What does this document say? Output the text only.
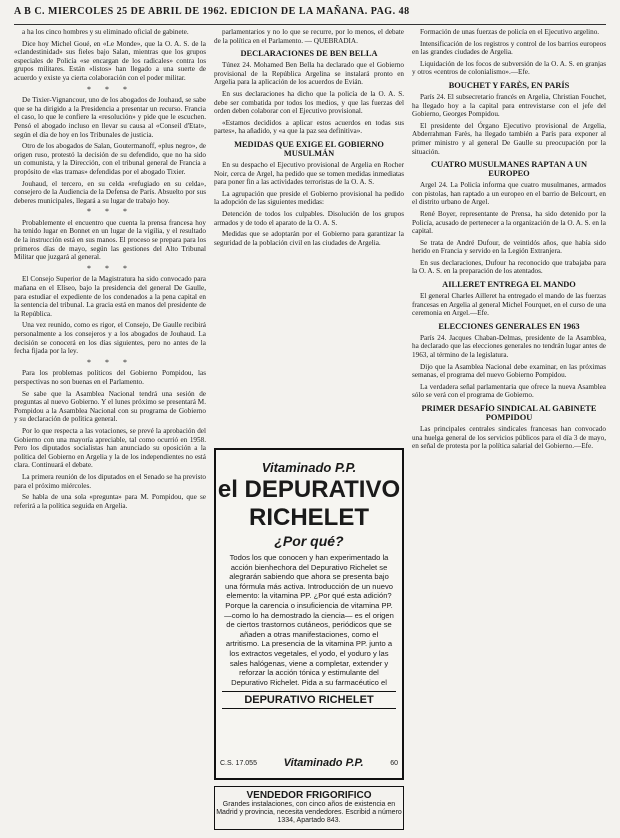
A B C. MIERCOLES 25 DE ABRIL DE 1962. EDICION DE LA MAÑANA. PAG. 48

a ha los cinco hombres y su eliminado oficial de gabinete.

Dice hoy Michel Goué, en «Le Monde», que la O. A. S. de la «clandestinidad» sus fieles bajo Salan, mientras que los grupos especiales de Policía «se encargan de los radicales» contra los grupos militares. Están «listos» han llegado a una suerte de acuerdo y existe ya cierta colaboración con el poder militar.

* * *

De Tixier-Vignancour, uno de los abogados de Jouhaud, se sabe que se ha dirigido a la Presidencia a presentar un recurso. Francia el caso, lo que le confiere la «resolución» y pide que le escuchen. Pensó el abogado incluso en llevar su causa al «Conseil d'Etat», según el día de hoy en los Tribunales de justicia.

Otro de los abogados de Salan, Goutermanoff, «plus negro», de origen ruso, protestó la decisión de su defendido, que no ha sido un comunista, y la Dirección, con el tribunal general de Francia a propósito de «las tramas» defendidas por el abogado Tixier.

Jouhaud, el tercero, en su celda «refugiado en su celda», consejero de la Audiencia de la Defensa de París. Absuelto por sus deberes municipales, llegará a su lugar de trabajo hoy.

* * *

Probablemente el encuentro que cuenta la prensa francesa hoy ha tenido lugar en Bonnet en un lugar de la vigilia, y el resultado de la instrucción está en sus manos. El proceso se prepara para los primeros días de mayo, según las gestiones del Alto Tribunal Militar que juzgará al general.

* * *

El Consejo Superior de la Magistratura ha sido convocado para mañana en el Elíseo, bajo la presidencia del general De Gaulle, para estudiar el expediente de los condenados a la pena capital en la sentencia del tribunal. La gracia está en manos del presidente de la República.

Una vez reunido, como es rigor, el Consejo, De Gaulle recibirá personalmente a los consejeros y a los abogados de Jouhaud. La decisión se conocerá en los días siguientes, pero no antes de la fecha fijada por la ley.

* * *

Para los problemas políticos del Gobierno Pompidou, las perspectivas no son buenas en el Parlamento.

Se sabe que la Asamblea Nacional tendrá una sesión de preguntas al nuevo Gobierno. Y el lunes próximo se presentará M. Pompidou a la Asamblea Nacional con su programa de Gobierno y su declaración de política general.

Por lo que respecta a las votaciones, se prevé la aprobación del Gobierno con una mayoría apreciable, tal como ocurrió en 1958. Pero los diputados socialistas han anunciado su oposición a la política del Gobierno en Argelia y la de los independientes no está clara. Continuará el debate.

La primera reunión de los diputados en el Senado se ha previsto para el próximo miércoles.

Se habla de una sola «pregunta» para M. Pompidou, que se referirá a la política seguida en Argelia.

parlamentarios y no lo que se recurre, por lo menos, el debate de la política en el Parlamento. — QUEBRADIA.

DECLARACIONES DE BEN BELLA

Túnez 24. Mohamed Ben Bella ha declarado que el Gobierno provisional de la República Argelina se instalará pronto en Argelia para la aplicación de los acuerdos de Evián.

En sus declaraciones ha dicho que la policía de la O. A. S. debe ser combatida por todos los medios, y que las fuerzas del orden deben colaborar con el Ejecutivo provisional.

«Estamos decididos a aplicar estos acuerdos en todas sus partes», ha añadido, y «a que la paz sea definitiva».

MEDIDAS QUE EXIGE EL GOBIERNO MUSULMÁN

En su despacho el Ejecutivo provisional de Argelia en Rocher Noir, cerca de Argel, ha pedido que se tomen medidas inmediatas para poner fin a las actividades terroristas de la O. A. S.

La agrupación que preside el Gobierno provisional ha pedido la adopción de las siguientes medidas:

Detención de todos los culpables. Disolución de los grupos armados y de todo el aparato de la O. A. S.

Medidas que se adoptarán por el Gobierno para garantizar la seguridad de la población civil en las ciudades de Argelia.

Vitaminado P.P.
el DEPURATIVO
RICHELET
¿Por qué?
Todos los que conocen y han experimentado la acción bienhechora del Depurativo Richelet se alegrarán sabiendo que ahora se presenta bajo una fórmula más activa. Introducción de un nuevo elemento: la vitamina PP. ¿Por qué esta adición? Porque la carencia o insuficiencia de vitamina PP. —como lo ha demostrado la ciencia— es el origen de ciertos trastornos cutáneos, periódicos que se añaden a otras manifestaciones, como el artritismo. La presencia de la vitamina PP. junto a los extractos vegetales, el yodo, el yoduro y las sales halógenas, viene a completar, extender y reforzar la acción tónica y estimulante del Depurativo Richelet. Pida a su farmacéutico el
DEPURATIVO RICHELET
C.S. 17.055 Vitaminado P.P.	60
VENDEDOR FRIGORIFICO
Grandes instalaciones, con cinco años de existencia en Madrid y provincia, necesita vendedores. Escribid a número 1334, Apartado 843.

Formación de unas fuerzas de policía en el Ejecutivo argelino.

Intensificación de los registros y control de los barrios europeos en las grandes ciudades de Argelia.

Liquidación de los focos de subversión de la O. A. S. en granjas y otros «centros de colonialismo».—Efe.

BOUCHET Y FARÈS, EN PARÍS

París 24. El subsecretario francés en Argelia, Christian Fouchet, ha llegado hoy a la capital para entrevistarse con el jefe del Gobierno, Georges Pompidou.

El presidente del Órgano Ejecutivo provisional de Argelia, Abderrahman Farès, ha llegado también a París para exponer al primer ministro y al general De Gaulle su preocupación por la situación.

CUATRO MUSULMANES RAPTAN A UN EUROPEO

Argel 24. La Policía informa que cuatro musulmanes, armados con pistolas, han raptado a un europeo en el barrio de Belcourt, en el distrito urbano de Argel.

René Boyer, representante de Prensa, ha sido detenido por la Policía, acusado de pertenecer a la organización de la O. A. S. en la capital.

Se trata de André Dufour, de veintidós años, que había sido herido en Francia y servido en la Legión Extranjera.

En sus declaraciones, Dufour ha reconocido que trabajaba para la O. A. S. en la preparación de los atentados.

AILLERET ENTREGA EL MANDO

El general Charles Ailleret ha entregado el mando de las fuerzas francesas en Argelia al general Michel Fourquet, en el curso de una ceremonia en Argel.—Efe.

ELECCIONES GENERALES EN 1963

París 24. Jacques Chaban-Delmas, presidente de la Asamblea, ha declarado que las elecciones generales no tendrán lugar antes de 1963, al término de la legislatura.

Dijo que la Asamblea Nacional debe examinar, en las próximas semanas, el programa del nuevo Gobierno Pompidou.

La verdadera señal parlamentaria que ofrece la nueva Asamblea sólo se verá con el programa de Gobierno.

PRIMER DESAFÍO SINDICAL AL GABINETE POMPIDOU

Las principales centrales sindicales francesas han convocado una huelga general de los servicios públicos para el día 3 de mayo, en señal de protesta por la política salarial del Gobierno.—Efe.
